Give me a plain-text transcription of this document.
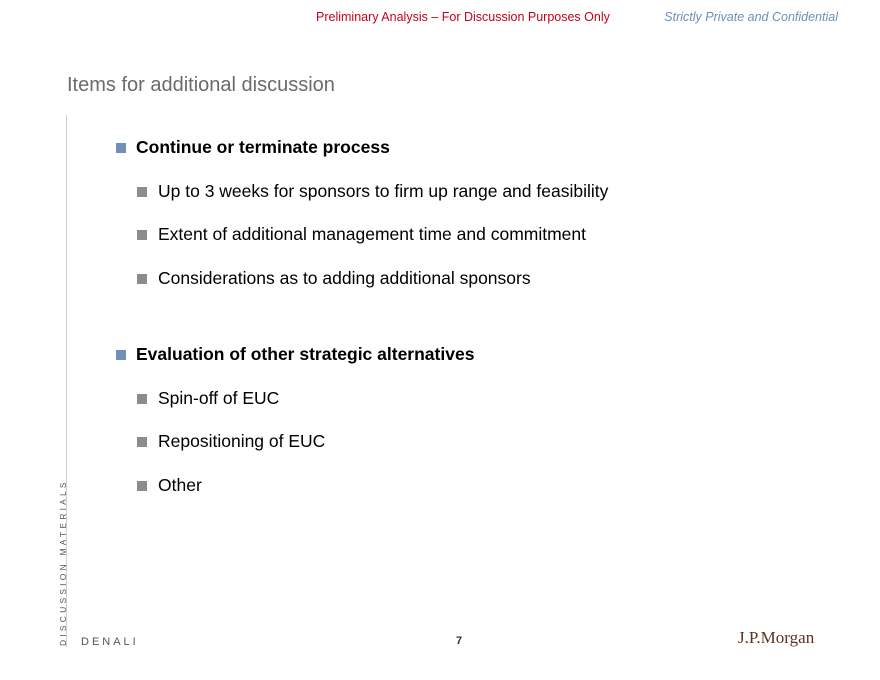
Preliminary Analysis – For Discussion Purposes Only	Strictly Private and Confidential
Items for additional discussion
DISCUSSION MATERIALS
Continue or terminate process
Up to 3 weeks for sponsors to firm up range and feasibility
Extent of additional management time and commitment
Considerations as to adding additional sponsors
Evaluation of other strategic alternatives
Spin-off of EUC
Repositioning of EUC
Other
DENALI	7	J.P.Morgan
